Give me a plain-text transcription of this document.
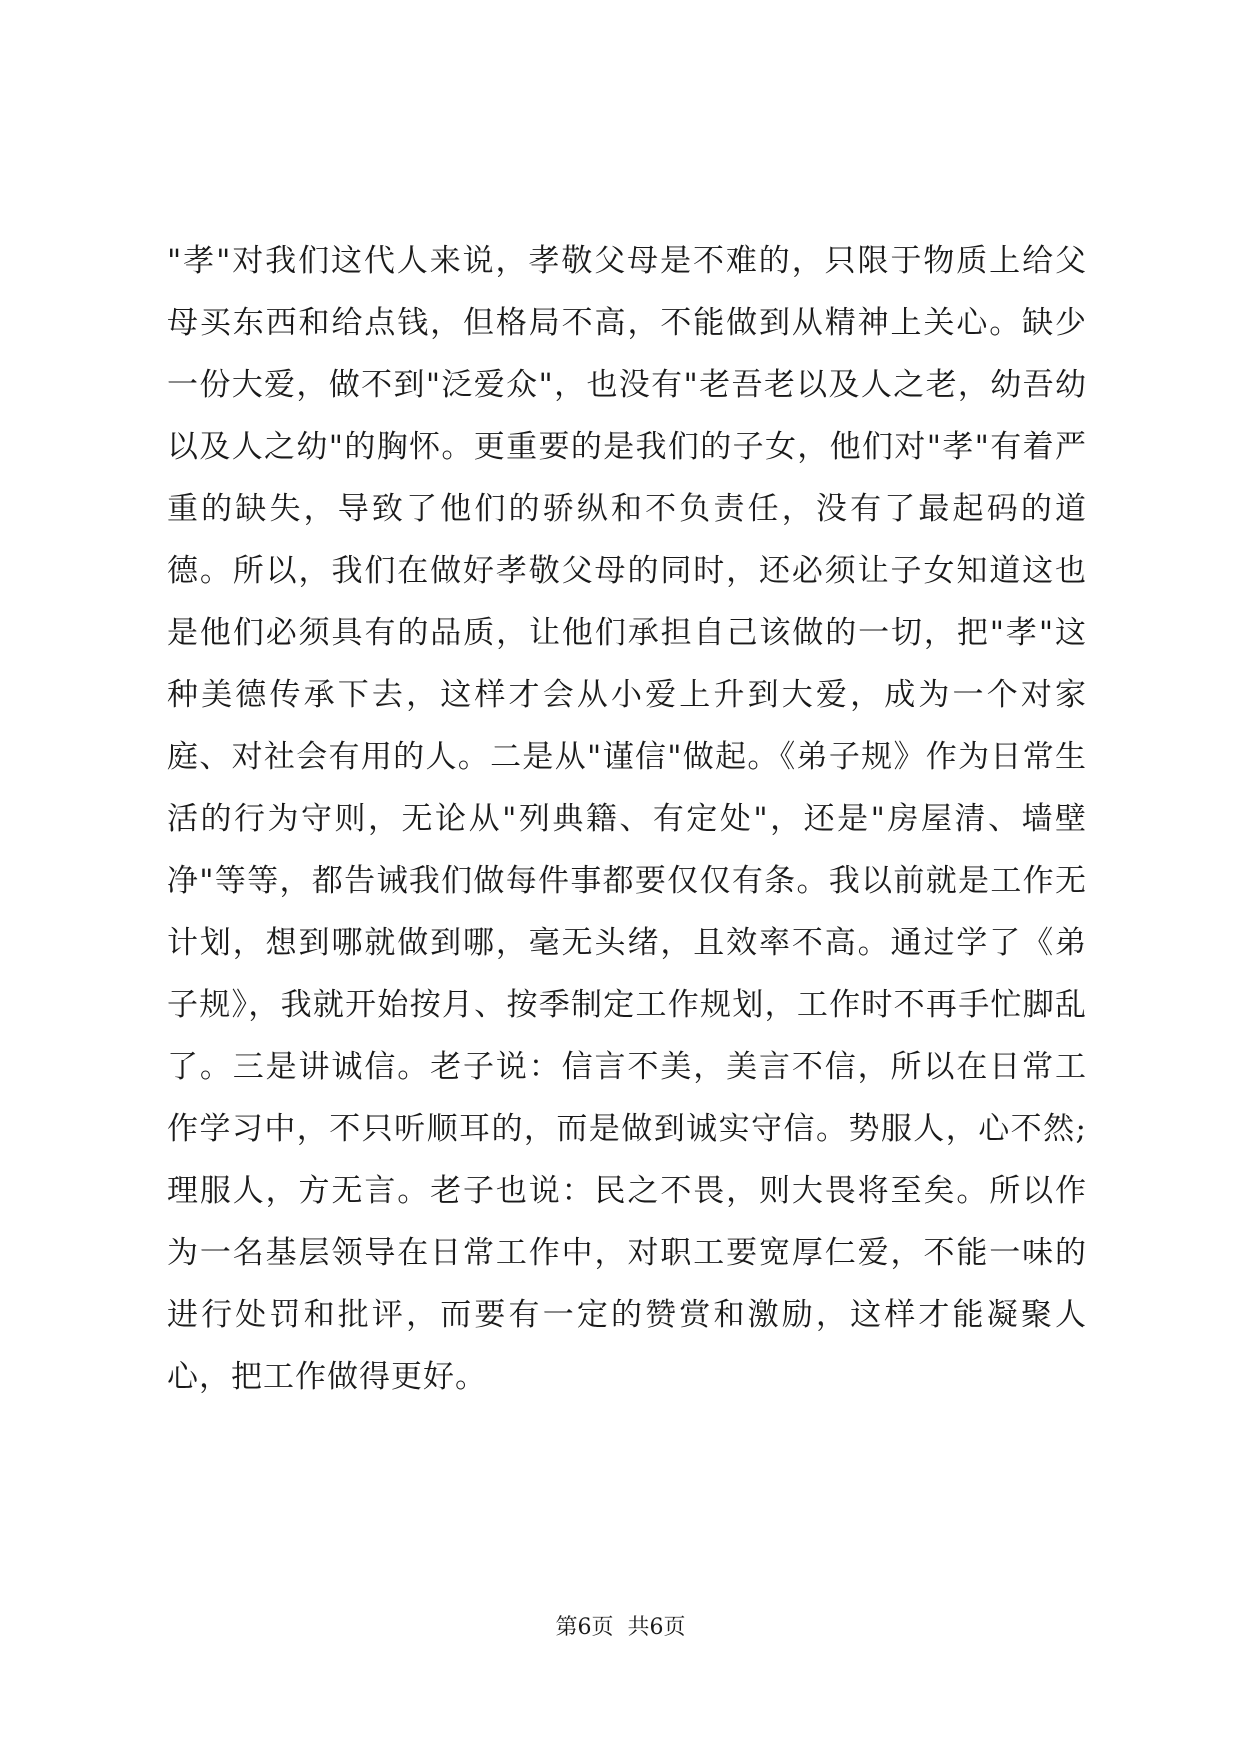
"孝"对我们这代人来说，孝敬父母是不难的，只限于物质上给父母买东西和给点钱，但格局不高，不能做到从精神上关心。缺少一份大爱，做不到"泛爱众"，也没有"老吾老以及人之老，幼吾幼以及人之幼"的胸怀。更重要的是我们的子女，他们对"孝"有着严重的缺失，导致了他们的骄纵和不负责任，没有了最起码的道德。所以，我们在做好孝敬父母的同时，还必须让子女知道这也是他们必须具有的品质，让他们承担自己该做的一切，把"孝"这种美德传承下去，这样才会从小爱上升到大爱，成为一个对家庭、对社会有用的人。二是从"谨信"做起。《弟子规》作为日常生活的行为守则，无论从"列典籍、有定处"，还是"房屋清、墙壁净"等等，都告诫我们做每件事都要仅仅有条。我以前就是工作无计划，想到哪就做到哪，毫无头绪，且效率不高。通过学了《弟子规》，我就开始按月、按季制定工作规划，工作时不再手忙脚乱了。三是讲诚信。老子说：信言不美，美言不信，所以在日常工作学习中，不只听顺耳的，而是做到诚实守信。势服人，心不然;理服人，方无言。老子也说：民之不畏，则大畏将至矣。所以作为一名基层领导在日常工作中，对职工要宽厚仁爱，不能一味的进行处罚和批评，而要有一定的赞赏和激励，这样才能凝聚人心，把工作做得更好。

第6页 共6页
